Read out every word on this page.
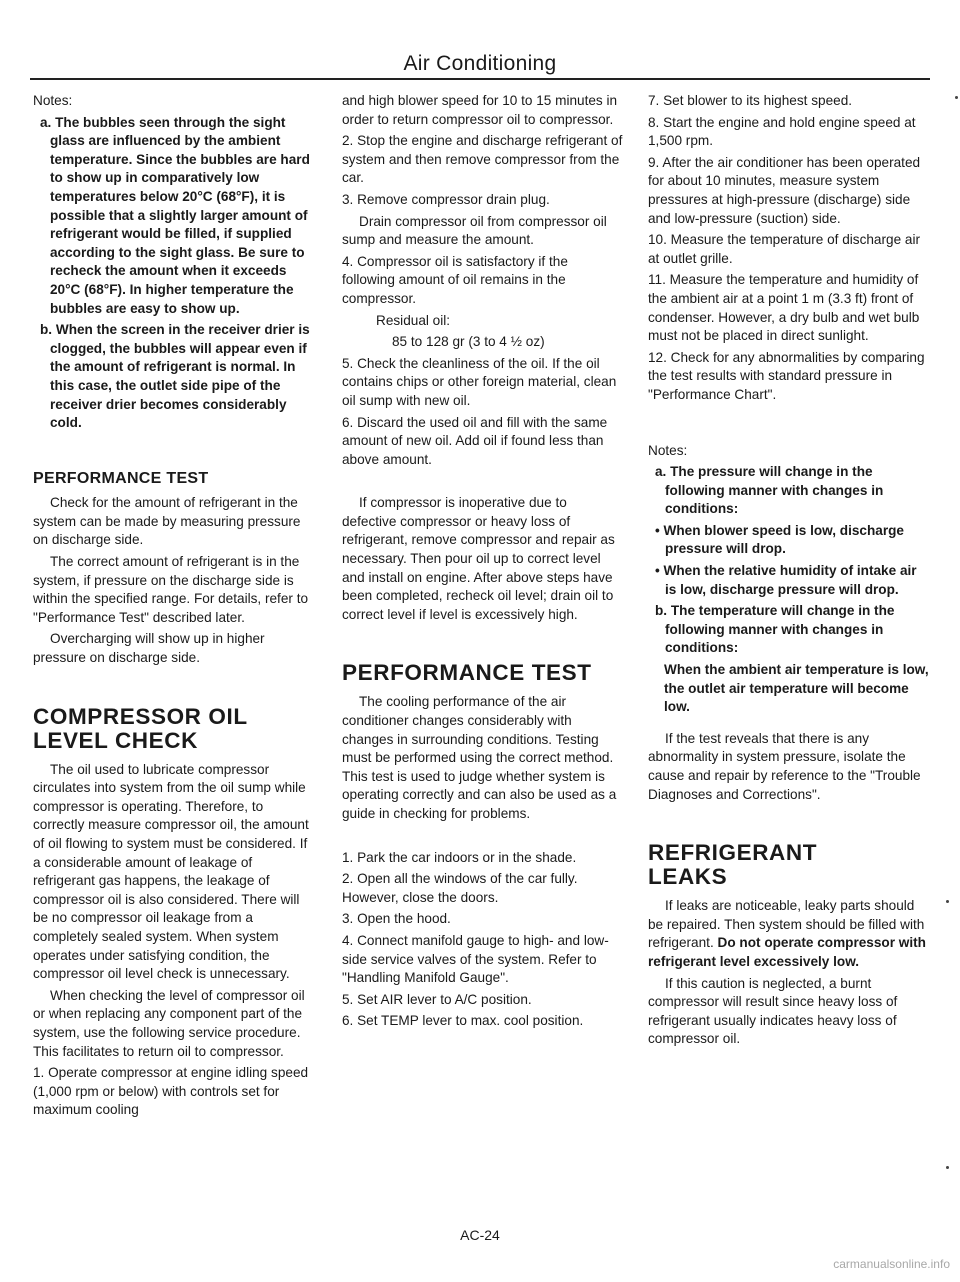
Air Conditioning

Notes:

a. The bubbles seen through the sight glass are influenced by the ambient temperature. Since the bubbles are hard to show up in comparatively low temperatures below 20°C (68°F), it is possible that a slightly larger amount of refrigerant would be filled, if supplied according to the sight glass. Be sure to recheck the amount when it exceeds 20°C (68°F). In higher temperature the bubbles are easy to show up.

b. When the screen in the receiver drier is clogged, the bubbles will appear even if the amount of refrigerant is normal. In this case, the outlet side pipe of the receiver drier becomes considerably cold.

PERFORMANCE TEST

Check for the amount of refrigerant in the system can be made by measuring pressure on discharge side.

The correct amount of refrigerant is in the system, if pressure on the discharge side is within the specified range. For details, refer to "Performance Test" described later.

Overcharging will show up in higher pressure on discharge side.

COMPRESSOR OIL
LEVEL CHECK

The oil used to lubricate compressor circulates into system from the oil sump while compressor is operating. Therefore, to correctly measure compressor oil, the amount of oil flowing to system must be considered. If a considerable amount of leakage of refrigerant gas happens, the leakage of compressor oil is also considered. There will be no compressor oil leakage from a completely sealed system. When system operates under satisfying condition, the compressor oil level check is unnecessary.

When checking the level of compressor oil or when replacing any component part of the system, use the following service procedure. This facilitates to return oil to compressor.

1. Operate compressor at engine idling speed (1,000 rpm or below) with controls set for maximum cooling

and high blower speed for 10 to 15 minutes in order to return compressor oil to compressor.

2. Stop the engine and discharge refrigerant of system and then remove compressor from the car.

3. Remove compressor drain plug.

Drain compressor oil from compressor oil sump and measure the amount.

4. Compressor oil is satisfactory if the following amount of oil remains in the compressor.

Residual oil:

85 to 128 gr (3 to 4 ½ oz)

5. Check the cleanliness of the oil. If the oil contains chips or other foreign material, clean oil sump with new oil.

6. Discard the used oil and fill with the same amount of new oil. Add oil if found less than above amount.

If compressor is inoperative due to defective compressor or heavy loss of refrigerant, remove compressor and repair as necessary. Then pour oil up to correct level and install on engine. After above steps have been completed, recheck oil level; drain oil to correct level if level is excessively high.

PERFORMANCE TEST

The cooling performance of the air conditioner changes considerably with changes in surrounding conditions. Testing must be performed using the correct method. This test is used to judge whether system is operating correctly and can also be used as a guide in checking for problems.

1. Park the car indoors or in the shade.

2. Open all the windows of the car fully. However, close the doors.

3. Open the hood.

4. Connect manifold gauge to high- and low-side service valves of the system. Refer to "Handling Manifold Gauge".

5. Set AIR lever to A/C position.

6. Set TEMP lever to max. cool position.

7. Set blower to its highest speed.

8. Start the engine and hold engine speed at 1,500 rpm.

9. After the air conditioner has been operated for about 10 minutes, measure system pressures at high-pressure (discharge) side and low-pressure (suction) side.

10. Measure the temperature of discharge air at outlet grille.

11. Measure the temperature and humidity of the ambient air at a point 1 m (3.3 ft) front of condenser. However, a dry bulb and wet bulb must not be placed in direct sunlight.

12. Check for any abnormalities by comparing the test results with standard pressure in "Performance Chart".

Notes:

a. The pressure will change in the following manner with changes in conditions:

• When blower speed is low, discharge pressure will drop.

• When the relative humidity of intake air is low, discharge pressure will drop.

b. The temperature will change in the following manner with changes in conditions:

When the ambient air temperature is low, the outlet air temperature will become low.

If the test reveals that there is any abnormality in system pressure, isolate the cause and repair by reference to the "Trouble Diagnoses and Corrections".

REFRIGERANT
LEAKS

If leaks are noticeable, leaky parts should be repaired. Then system should be filled with refrigerant. Do not operate compressor with refrigerant level excessively low.

If this caution is neglected, a burnt compressor will result since heavy loss of refrigerant usually indicates heavy loss of compressor oil.

AC-24
carmanualsonline.info
